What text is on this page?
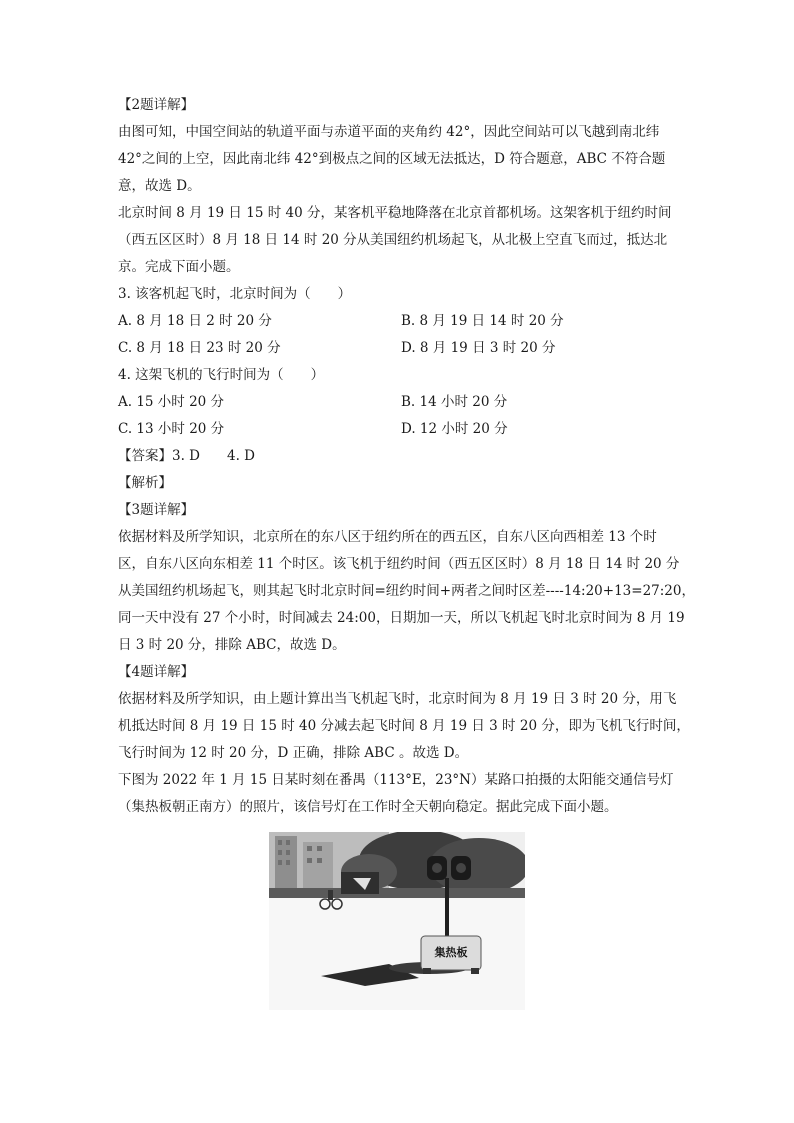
【2题详解】
由图可知，中国空间站的轨道平面与赤道平面的夹角约 42°，因此空间站可以飞越到南北纬
42°之间的上空，因此南北纬 42°到极点之间的区域无法抵达，D 符合题意，ABC 不符合题
意，故选 D。
北京时间 8 月 19 日 15 时 40 分，某客机平稳地降落在北京首都机场。这架客机于纽约时间
（西五区区时）8 月 18 日 14 时 20 分从美国纽约机场起飞，从北极上空直飞而过，抵达北
京。完成下面小题。
3. 该客机起飞时，北京时间为（　　）
A. 8 月 18 日 2 时 20 分	B. 8 月 19 日 14 时 20 分
C. 8 月 18 日 23 时 20 分	D. 8 月 19 日 3 时 20 分
4. 这架飞机的飞行时间为（　　）
A. 15 小时 20 分	B. 14 小时 20 分
C. 13 小时 20 分	D. 12 小时 20 分
【答案】3. D　　4. D
【解析】
【3题详解】
依据材料及所学知识，北京所在的东八区于纽约所在的西五区，自东八区向西相差 13 个时
区，自东八区向东相差 11 个时区。该飞机于纽约时间（西五区区时）8 月 18 日 14 时 20 分
从美国纽约机场起飞，则其起飞时北京时间=纽约时间+两者之间时区差----14:20+13=27:20，
同一天中没有 27 个小时，时间减去 24:00，日期加一天，所以飞机起飞时北京时间为 8 月 19
日 3 时 20 分，排除 ABC，故选 D。
【4题详解】
依据材料及所学知识，由上题计算出当飞机起飞时，北京时间为 8 月 19 日 3 时 20 分，用飞
机抵达时间 8 月 19 日 15 时 40 分减去起飞时间 8 月 19 日 3 时 20 分，即为飞机飞行时间，
飞行时间为 12 时 20 分，D 正确，排除 ABC 。故选 D。
下图为 2022 年 1 月 15 日某时刻在番禺（113°E，23°N）某路口拍摄的太阳能交通信号灯
（集热板朝正南方）的照片，该信号灯在工作时全天朝向稳定。据此完成下面小题。
集热板
